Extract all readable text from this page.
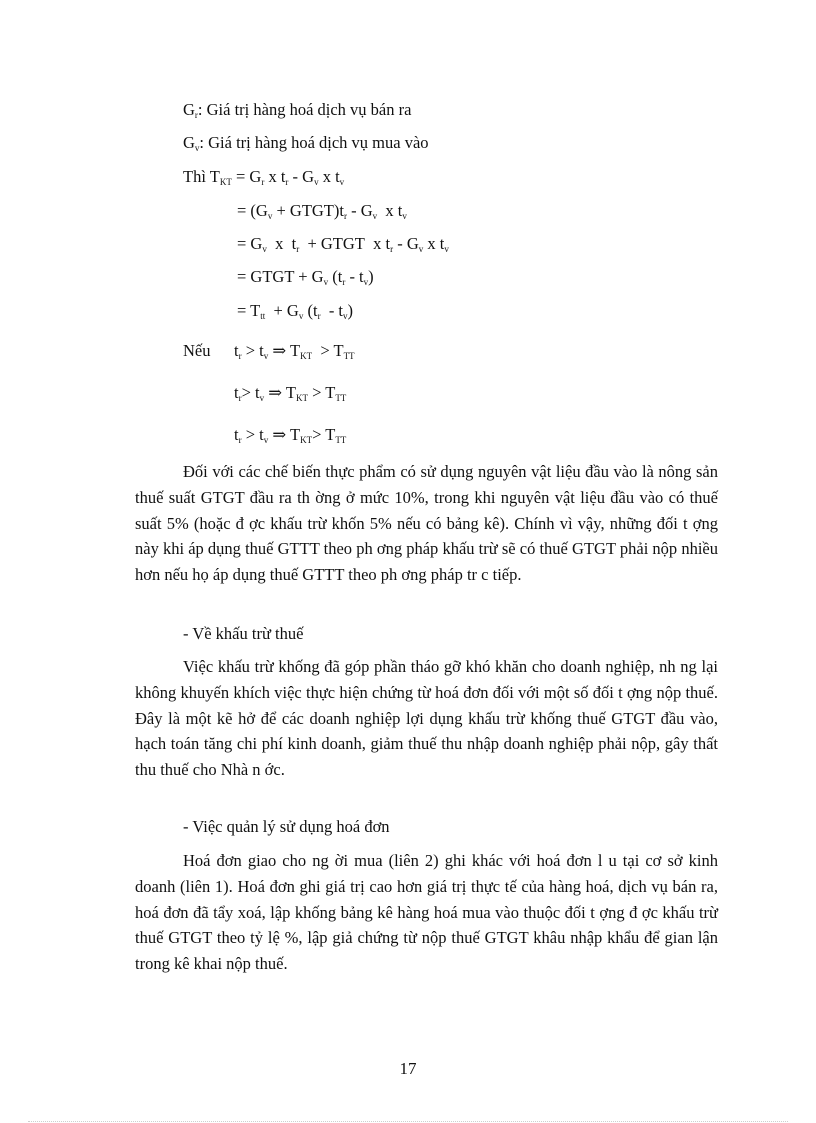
$G_r$: Giá trị hàng hoá dịch vụ bán ra
$G_v$: Giá trị hàng hoá dịch vụ mua vào
Thì $T_{KT} = G_r$ x $t_r - G_v$ x $t_v$
= ($G_v$ + $GTGT)t_r - G_v$  x $t_v$
= $G_v$  x  $t_r$  + GTGT  x $t_r - G_v$ x $t_v$
= GTGT + $G_v$ $(t_r - t_v)$
= $T_{tt} + G_v$ $(t_r - t_v)$
Nếu $t_r > t_v$ ⇒ $T_{KT} > T_{TT}$
$t_r> t_v$ ⇒ $T_{KT} > T_{TT}$
$t_r > t_v$ ⇒ $T_{KT}> T_{TT}$

Đối với các chế biến thực phẩm có sử dụng nguyên vật liệu đầu vào là nông sản thuế suất GTGT đầu ra th ờng ở mức 10%, trong khi nguyên vật liệu đầu vào có thuế suất 5% (hoặc đ ợc khấu trừ khốn 5% nếu có bảng kê). Chính vì vậy, những đối t ợng này khi áp dụng thuế GTTT theo ph ơng pháp khấu trừ sẽ có thuế GTGT phải nộp nhiều hơn nếu họ áp dụng thuế GTTT theo ph ơng pháp tr c tiếp.

- Về khấu trừ thuế

Việc khấu trừ khống đã góp phần tháo gỡ khó khăn cho doanh nghiệp, nh ng lại không khuyến khích việc thực hiện chứng từ hoá đơn đối với một số đối t ợng nộp thuế. Đây là một kẽ hở để các doanh nghiệp lợi dụng khấu trừ khống thuế GTGT đầu vào, hạch toán tăng chi phí kinh doanh, giảm thuế thu nhập doanh nghiệp phải nộp, gây thất thu thuế cho Nhà n ớc.

- Việc quản lý sử dụng hoá đơn

Hoá đơn giao cho ng ời mua (liên 2) ghi khác với hoá đơn l u tại cơ sở kinh doanh (liên 1). Hoá đơn ghi giá trị cao hơn giá trị thực tế của hàng hoá, dịch vụ bán ra, hoá đơn đã tẩy xoá, lập khống bảng kê hàng hoá mua vào thuộc đối t ợng đ ợc khấu trừ thuế GTGT theo tỷ lệ %, lập giả chứng từ nộp thuế GTGT khâu nhập khẩu để gian lận trong kê khai nộp thuế.

17
